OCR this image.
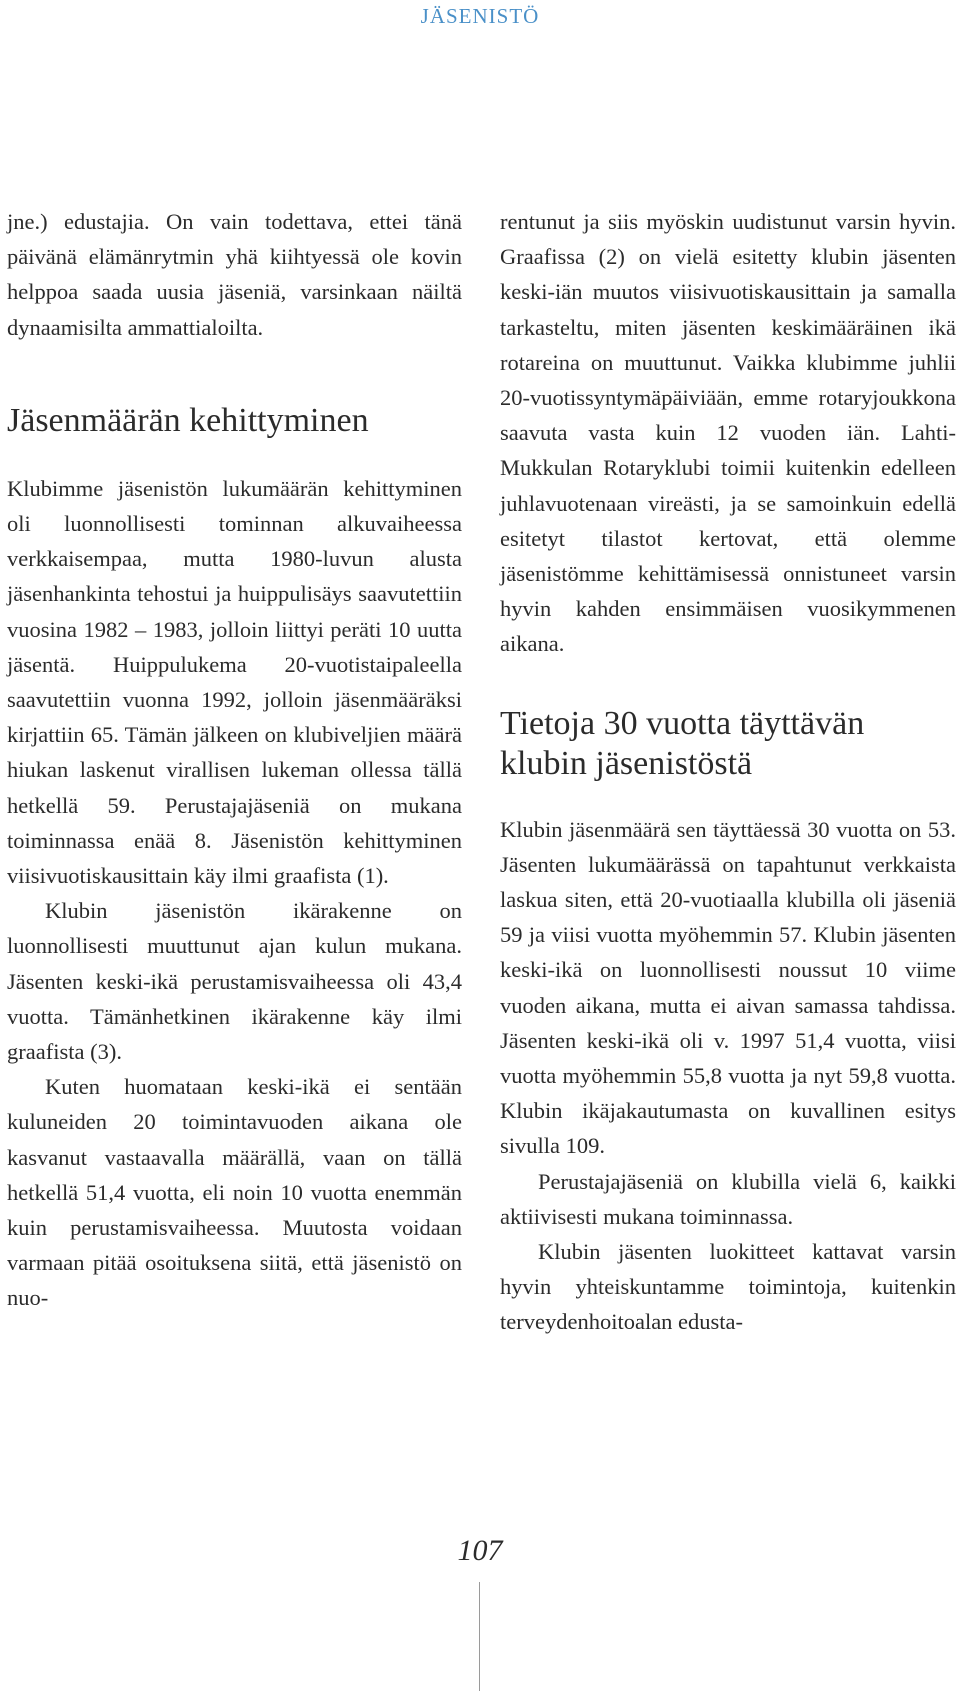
JÄSENISTÖ

jne.) edustajia. On vain todettava, ettei tänä päivänä elämänrytmin yhä kiihtyessä ole kovin helppoa saada uusia jäseniä, varsinkaan näiltä dynaamisilta ammattialoilta.

Jäsenmäärän kehittyminen

Klubimme jäsenistön lukumäärän kehittyminen oli luonnollisesti tominnan alkuvaiheessa verkkaisempaa, mutta 1980-luvun alusta jäsenhankinta tehostui ja huippulisäys saavutettiin vuosina 1982 – 1983, jolloin liittyi peräti 10 uutta jäsentä. Huippulukema 20-vuotistaipaleella saavutettiin vuonna 1992, jolloin jäsenmääräksi kirjattiin 65. Tämän jälkeen on klubiveljien määrä hiukan laskenut virallisen lukeman ollessa tällä hetkellä 59. Perustajajäseniä on mukana toiminnassa enää 8. Jäsenistön kehittyminen viisivuotiskausittain käy ilmi graafista (1).

Klubin jäsenistön ikärakenne on luonnollisesti muuttunut ajan kulun mukana. Jäsenten keski-ikä perustamisvaiheessa oli 43,4 vuotta. Tämänhetkinen ikärakenne käy ilmi graafista (3).

Kuten huomataan keski-ikä ei sentään kuluneiden 20 toimintavuoden aikana ole kasvanut vastaavalla määrällä, vaan on tällä hetkellä 51,4 vuotta, eli noin 10 vuotta enemmän kuin perustamisvaiheessa. Muutosta voidaan varmaan pitää osoituksena siitä, että jäsenistö on nuo-

rentunut ja siis myöskin uudistunut varsin hyvin. Graafissa (2) on vielä esitetty klubin jäsenten keski-iän muutos viisivuotiskausittain ja samalla tarkasteltu, miten jäsenten keskimääräinen ikä rotareina on muuttunut. Vaikka klubimme juhlii 20-vuotissyntymäpäiviään, emme rotaryjoukkona saavuta vasta kuin 12 vuoden iän. Lahti-Mukkulan Rotaryklubi toimii kuitenkin edelleen juhlavuotenaan vireästi, ja se samoinkuin edellä esitetyt tilastot kertovat, että olemme jäsenistömme kehittämisessä onnistuneet varsin hyvin kahden ensimmäisen vuosikymmenen aikana.

Tietoja 30 vuotta täyttävän klubin jäsenistöstä

Klubin jäsenmäärä sen täyttäessä 30 vuotta on 53. Jäsenten lukumäärässä on tapahtunut verkkaista laskua siten, että 20-vuotiaalla klubilla oli jäseniä 59 ja viisi vuotta myöhemmin 57. Klubin jäsenten keski-ikä on luonnollisesti noussut 10 viime vuoden aikana, mutta ei aivan samassa tahdissa. Jäsenten keski-ikä oli v. 1997 51,4 vuotta, viisi vuotta myöhemmin 55,8 vuotta ja nyt 59,8 vuotta. Klubin ikäjakautumasta on kuvallinen esitys sivulla 109.

Perustajajäseniä on klubilla vielä 6, kaikki aktiivisesti mukana toiminnassa.

Klubin jäsenten luokitteet kattavat varsin hyvin yhteiskuntamme toimintoja, kuitenkin terveydenhoitoalan edusta-

107
